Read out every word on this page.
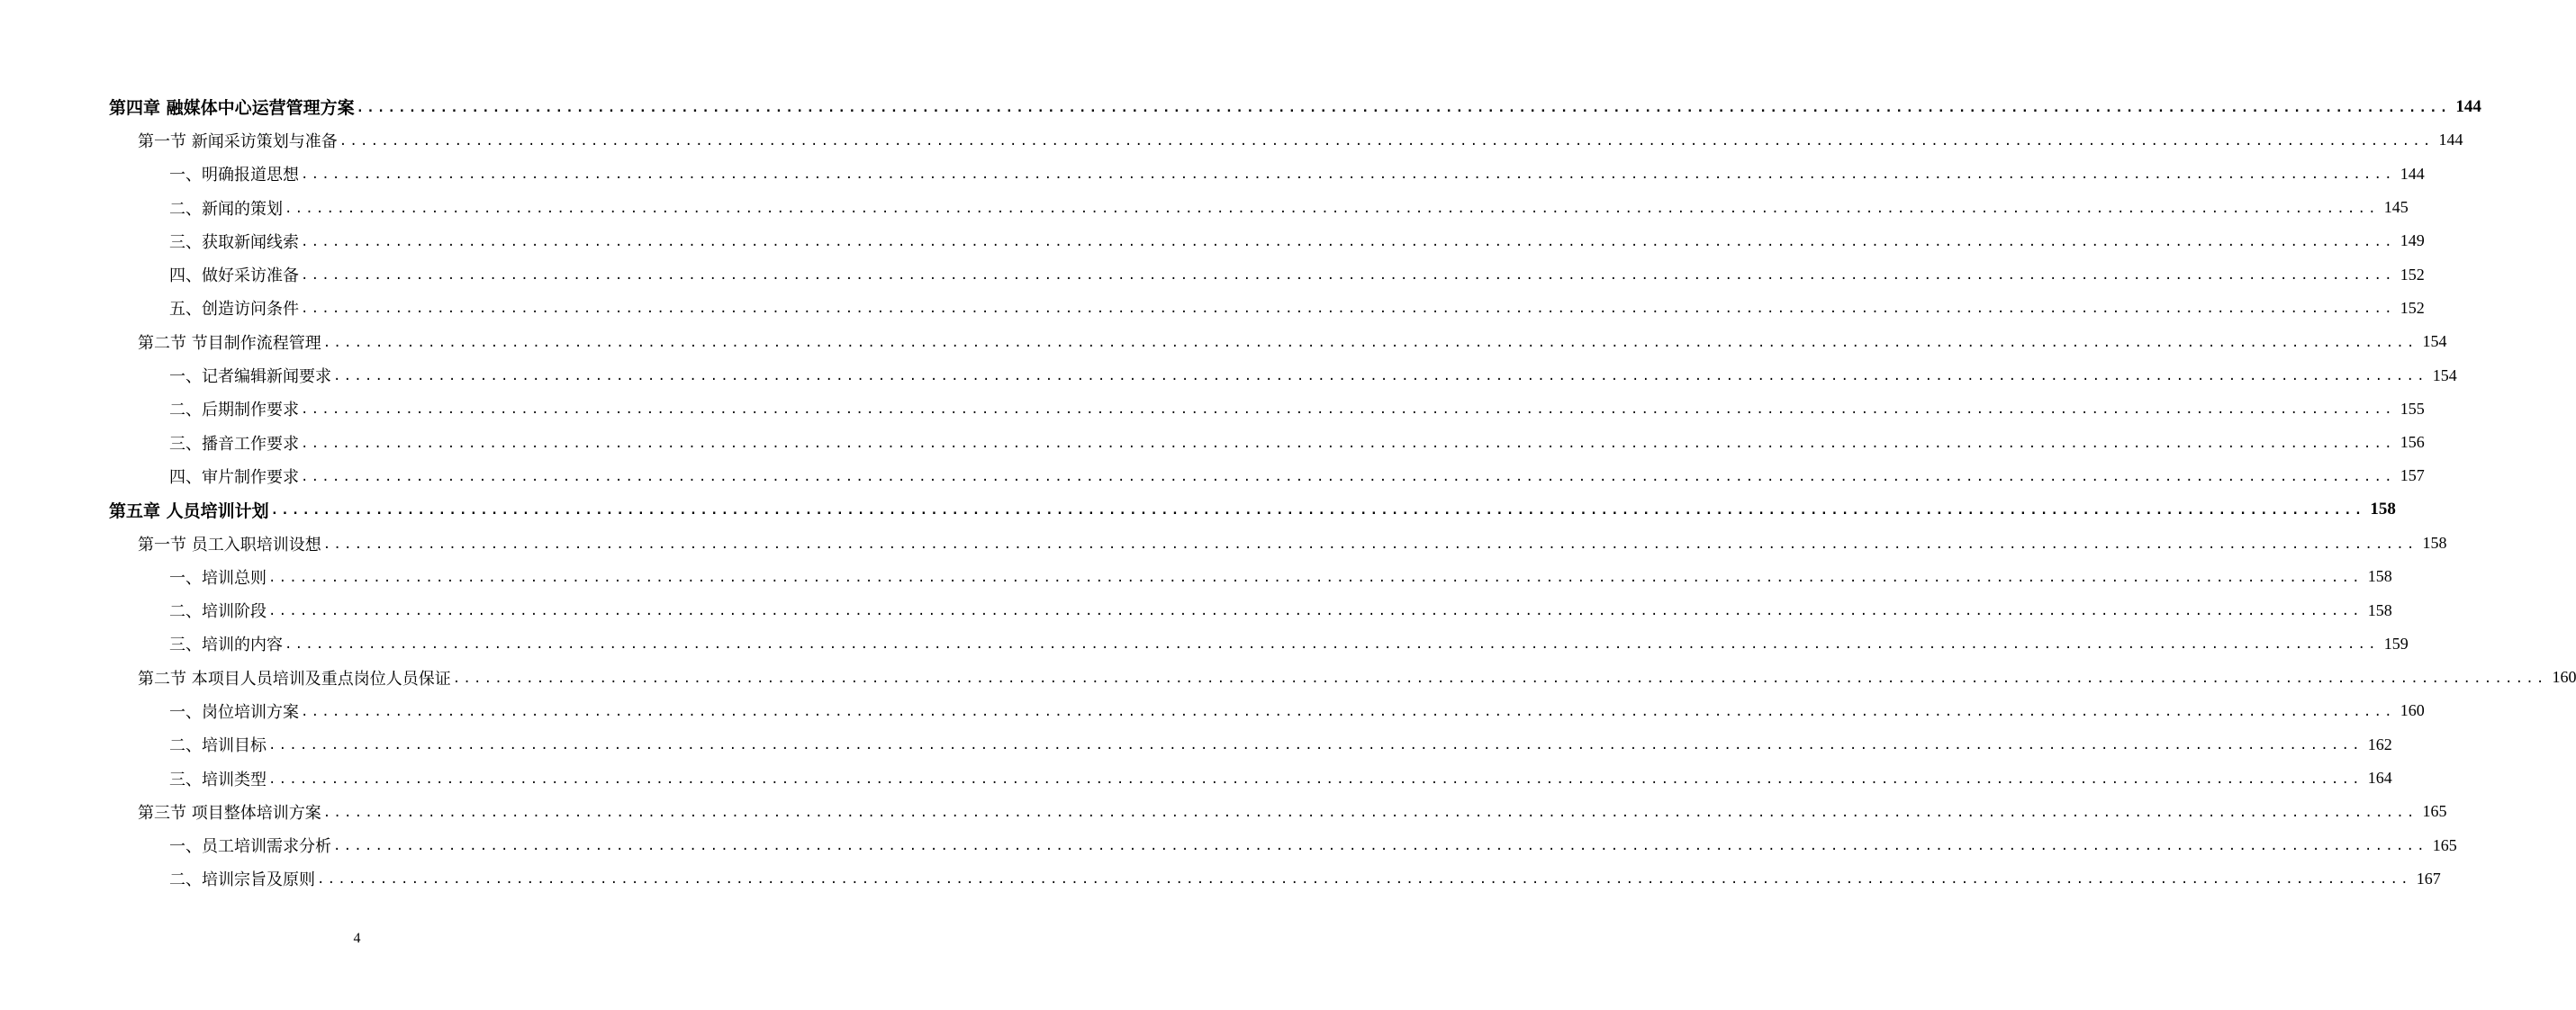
第四章 融媒体中心运营管理方案 ........................................................................................................................................................................................................ 144
第一节 新闻采访策划与准备 ........................................................................................................................................................................................................ 144
一、明确报道思想 ........................................................................................................................................................................................................ 144
二、新闻的策划 ........................................................................................................................................................................................................ 145
三、获取新闻线索 ........................................................................................................................................................................................................ 149
四、做好采访准备 ........................................................................................................................................................................................................ 152
五、创造访问条件 ........................................................................................................................................................................................................ 152
第二节 节目制作流程管理 ........................................................................................................................................................................................................ 154
一、记者编辑新闻要求 ........................................................................................................................................................................................................ 154
二、后期制作要求 ........................................................................................................................................................................................................ 155
三、播音工作要求 ........................................................................................................................................................................................................ 156
四、审片制作要求 ........................................................................................................................................................................................................ 157
第五章 人员培训计划 ........................................................................................................................................................................................................ 158
第一节 员工入职培训设想 ........................................................................................................................................................................................................ 158
一、培训总则 ........................................................................................................................................................................................................ 158
二、培训阶段 ........................................................................................................................................................................................................ 158
三、培训的内容 ........................................................................................................................................................................................................ 159
第二节 本项目人员培训及重点岗位人员保证 ........................................................................................................................................................................................................ 160
一、岗位培训方案 ........................................................................................................................................................................................................ 160
二、培训目标 ........................................................................................................................................................................................................ 162
三、培训类型 ........................................................................................................................................................................................................ 164
第三节 项目整体培训方案 ........................................................................................................................................................................................................ 165
一、员工培训需求分析 ........................................................................................................................................................................................................ 165
二、培训宗旨及原则 ........................................................................................................................................................................................................ 167
4
